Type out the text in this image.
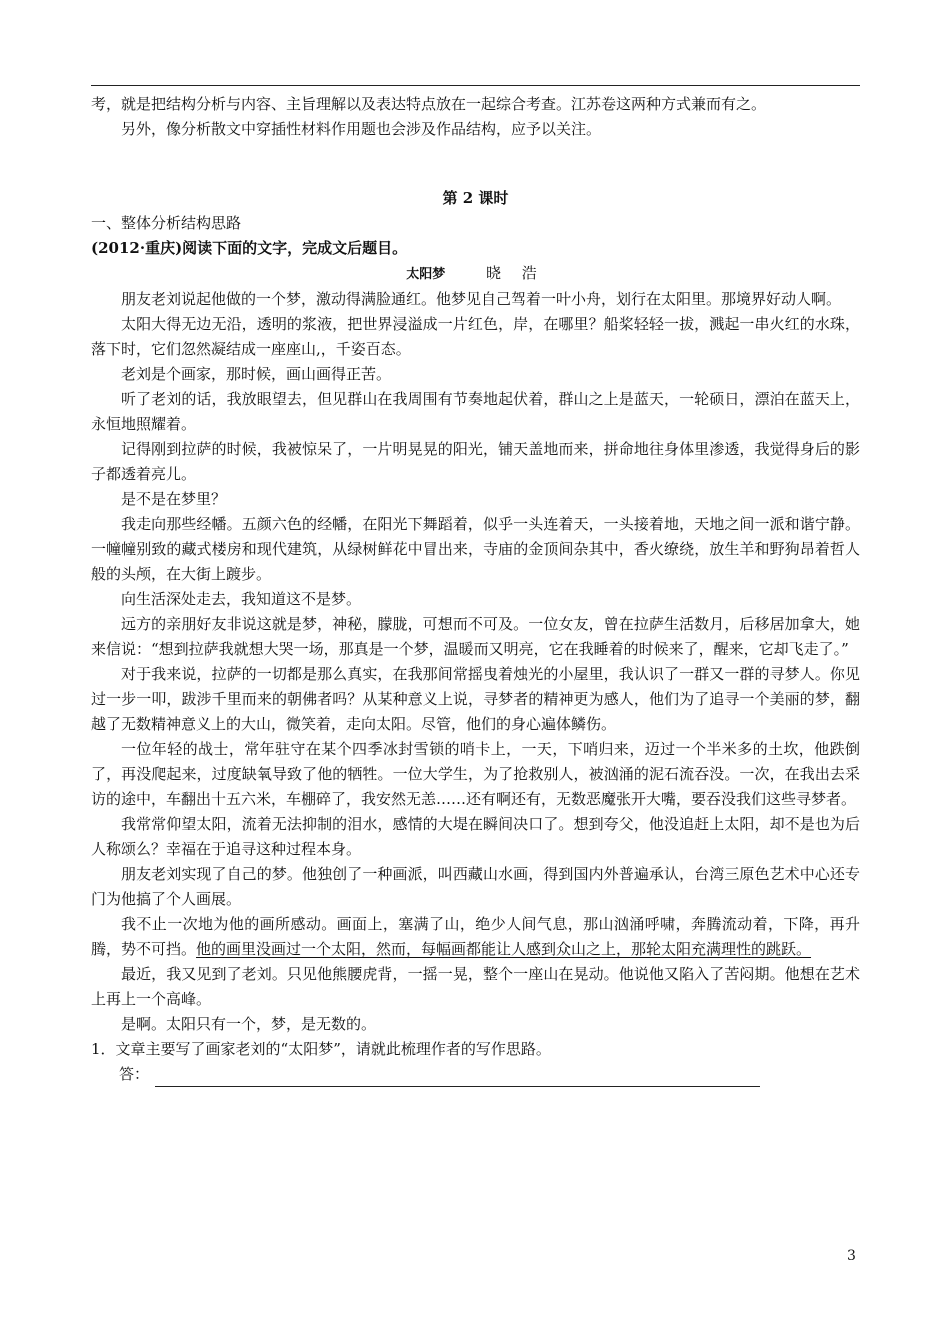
考，就是把结构分析与内容、主旨理解以及表达特点放在一起综合考查。江苏卷这两种方式兼而有之。

另外，像分析散文中穿插性材料作用题也会涉及作品结构，应予以关注。

第 2 课时

一、整体分析结构思路

(2012·重庆)阅读下面的文字，完成文后题目。

太阳梦	晓 浩

朋友老刘说起他做的一个梦，激动得满脸通红。他梦见自己驾着一叶小舟，划行在太阳里。那境界好动人啊。

太阳大得无边无沿，透明的浆液，把世界浸溢成一片红色，岸，在哪里？船桨轻轻一拔，溅起一串火红的水珠，落下时，它们忽然凝结成一座座山,，千姿百态。

老刘是个画家，那时候，画山画得正苦。

听了老刘的话，我放眼望去，但见群山在我周围有节奏地起伏着，群山之上是蓝天，一轮硕日，漂泊在蓝天上，永恒地照耀着。

记得刚到拉萨的时候，我被惊呆了，一片明晃晃的阳光，铺天盖地而来，拼命地往身体里渗透，我觉得身后的影子都透着亮儿。

是不是在梦里？

我走向那些经幡。五颜六色的经幡，在阳光下舞蹈着，似乎一头连着天，一头接着地，天地之间一派和谐宁静。一幢幢别致的藏式楼房和现代建筑，从绿树鲜花中冒出来，寺庙的金顶间杂其中，香火缭绕，放生羊和野狗昂着哲人般的头颅，在大街上踱步。

向生活深处走去，我知道这不是梦。

远方的亲朋好友非说这就是梦，神秘，朦胧，可想而不可及。一位女友，曾在拉萨生活数月，后移居加拿大，她来信说：“想到拉萨我就想大哭一场，那真是一个梦，温暖而又明亮，它在我睡着的时候来了，醒来，它却飞走了。”

对于我来说，拉萨的一切都是那么真实，在我那间常摇曳着烛光的小屋里，我认识了一群又一群的寻梦人。你见过一步一叩，跋涉千里而来的朝佛者吗？从某种意义上说，寻梦者的精神更为感人，他们为了追寻一个美丽的梦，翻越了无数精神意义上的大山，微笑着，走向太阳。尽管，他们的身心遍体鳞伤。

一位年轻的战士，常年驻守在某个四季冰封雪锁的哨卡上，一天，下哨归来，迈过一个半米多的土坎，他跌倒了，再没爬起来，过度缺氧导致了他的牺牲。一位大学生，为了抢救别人，被汹涌的泥石流吞没。一次，在我出去采访的途中，车翻出十五六米，车棚碎了，我安然无恙……还有啊还有，无数恶魔张开大嘴，要吞没我们这些寻梦者。

我常常仰望太阳，流着无法抑制的泪水，感情的大堤在瞬间决口了。想到夸父，他没追赶上太阳，却不是也为后人称颂么？幸福在于追寻这种过程本身。

朋友老刘实现了自己的梦。他独创了一种画派，叫西藏山水画，得到国内外普遍承认，台湾三原色艺术中心还专门为他搞了个人画展。

我不止一次地为他的画所感动。画面上，塞满了山，绝少人间气息，那山汹涌呼啸，奔腾流动着，下降，再升腾，势不可挡。他的画里没画过一个太阳，然而，每幅画都能让人感到众山之上，那轮太阳充满理性的跳跃。

最近，我又见到了老刘。只见他熊腰虎背，一摇一晃，整个一座山在晃动。他说他又陷入了苦闷期。他想在艺术上再上一个高峰。

是啊。太阳只有一个，梦，是无数的。

1．文章主要写了画家老刘的“太阳梦”，请就此梳理作者的写作思路。

答：
3
